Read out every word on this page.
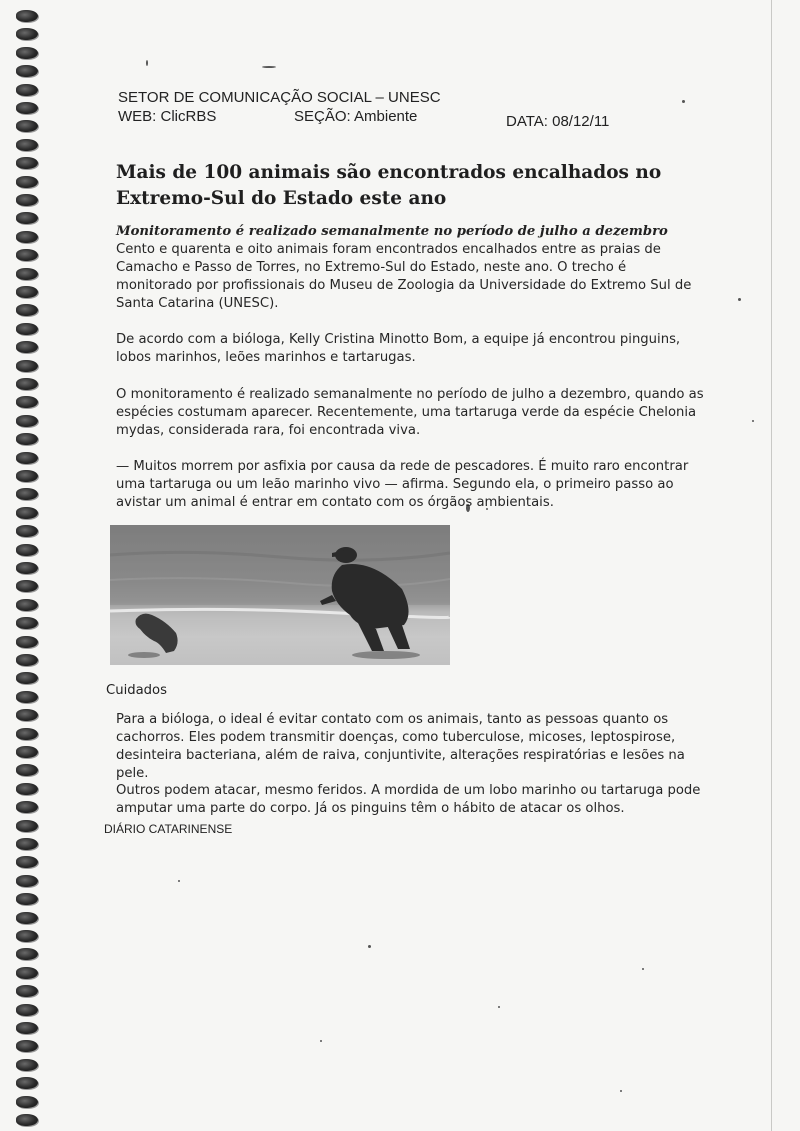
SETOR DE COMUNICAÇÃO SOCIAL – UNESC
WEB: ClicRBS	SEÇÃO: Ambiente	DATA: 08/12/11
Mais de 100 animais são encontrados encalhados no Extremo-Sul do Estado este ano
Monitoramento é realizado semanalmente no período de julho a dezembro

Cento e quarenta e oito animais foram encontrados encalhados entre as praias de Camacho e Passo de Torres, no Extremo-Sul do Estado, neste ano. O trecho é monitorado por profissionais do Museu de Zoologia da Universidade do Extremo Sul de Santa Catarina (UNESC).

De acordo com a bióloga, Kelly Cristina Minotto Bom, a equipe já encontrou pinguins, lobos marinhos, leões marinhos e tartarugas.

O monitoramento é realizado semanalmente no período de julho a dezembro, quando as espécies costumam aparecer. Recentemente, uma tartaruga verde da espécie Chelonia mydas, considerada rara, foi encontrada viva.

— Muitos morrem por asfixia por causa da rede de pescadores. É muito raro encontrar uma tartaruga ou um leão marinho vivo — afirma. Segundo ela, o primeiro passo ao avistar um animal é entrar em contato com os órgãos ambientais.

Cuidados

Para a bióloga, o ideal é evitar contato com os animais, tanto as pessoas quanto os cachorros. Eles podem transmitir doenças, como tuberculose, micoses, leptospirose, desinteira bacteriana, além de raiva, conjuntivite, alterações respiratórias e lesões na pele.

Outros podem atacar, mesmo feridos. A mordida de um lobo marinho ou tartaruga pode amputar uma parte do corpo. Já os pinguins têm o hábito de atacar os olhos.

DIÁRIO CATARINENSE
